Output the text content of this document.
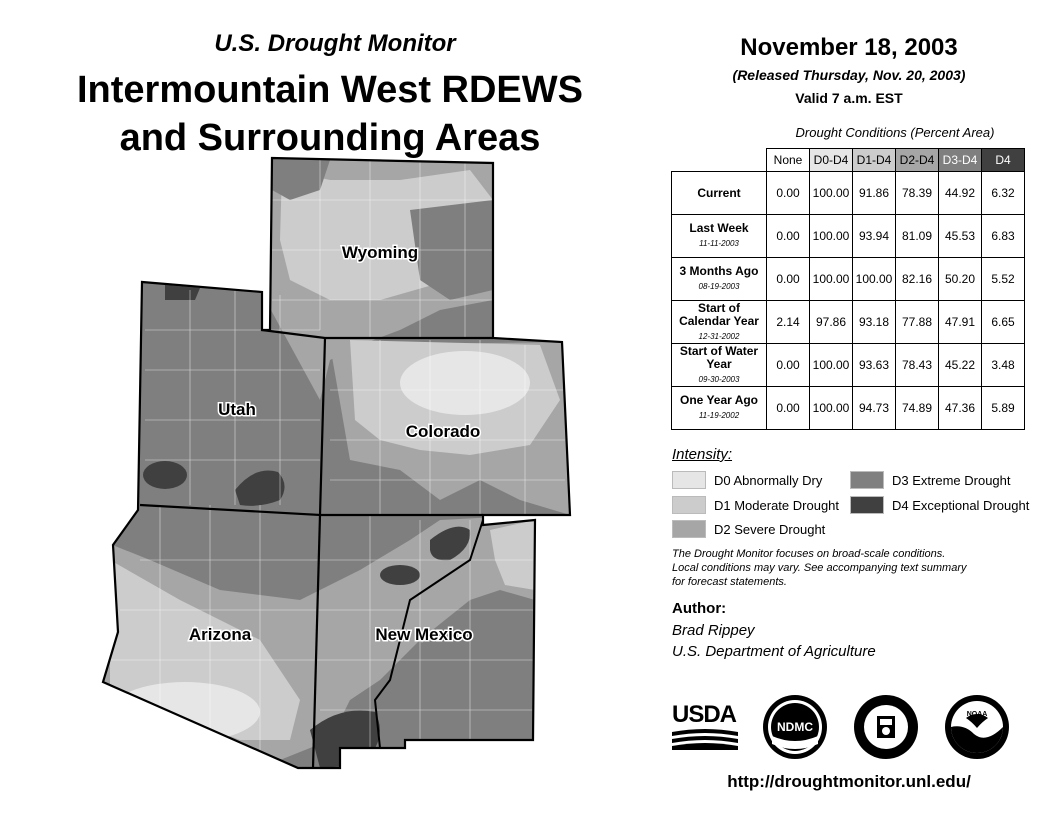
U.S. Drought Monitor
Intermountain West RDEWS
and Surrounding Areas
Wyoming
Utah
Colorado
Arizona	New Mexico
November 18, 2003
(Released Thursday, Nov. 20, 2003)
Valid 7 a.m. EST
Drought Conditions (Percent Area)
	None	D0-D4	D1-D4	D2-D4	D3-D4	D4
Current	0.00	100.00	91.86	78.39	44.92	6.32
Last Week
11-11-2003	0.00	100.00	93.94	81.09	45.53	6.83
3 Months Ago
08-19-2003	0.00	100.00	100.00	82.16	50.20	5.52
Start of Calendar Year
12-31-2002	2.14	97.86	93.18	77.88	47.91	6.65
Start of Water Year
09-30-2003	0.00	100.00	93.63	78.43	45.22	3.48
One Year Ago
11-19-2002	0.00	100.00	94.73	74.89	47.36	5.89
Intensity:
D0 Abnormally Dry
D1 Moderate Drought
D2 Severe Drought
D3 Extreme Drought
D4 Exceptional Drought
The Drought Monitor focuses on broad-scale conditions.
Local conditions may vary. See accompanying text summary
for forecast statements.
Author:
Brad Rippey
U.S. Department of Agriculture
USDA	NDMC
NOAA
http://droughtmonitor.unl.edu/
